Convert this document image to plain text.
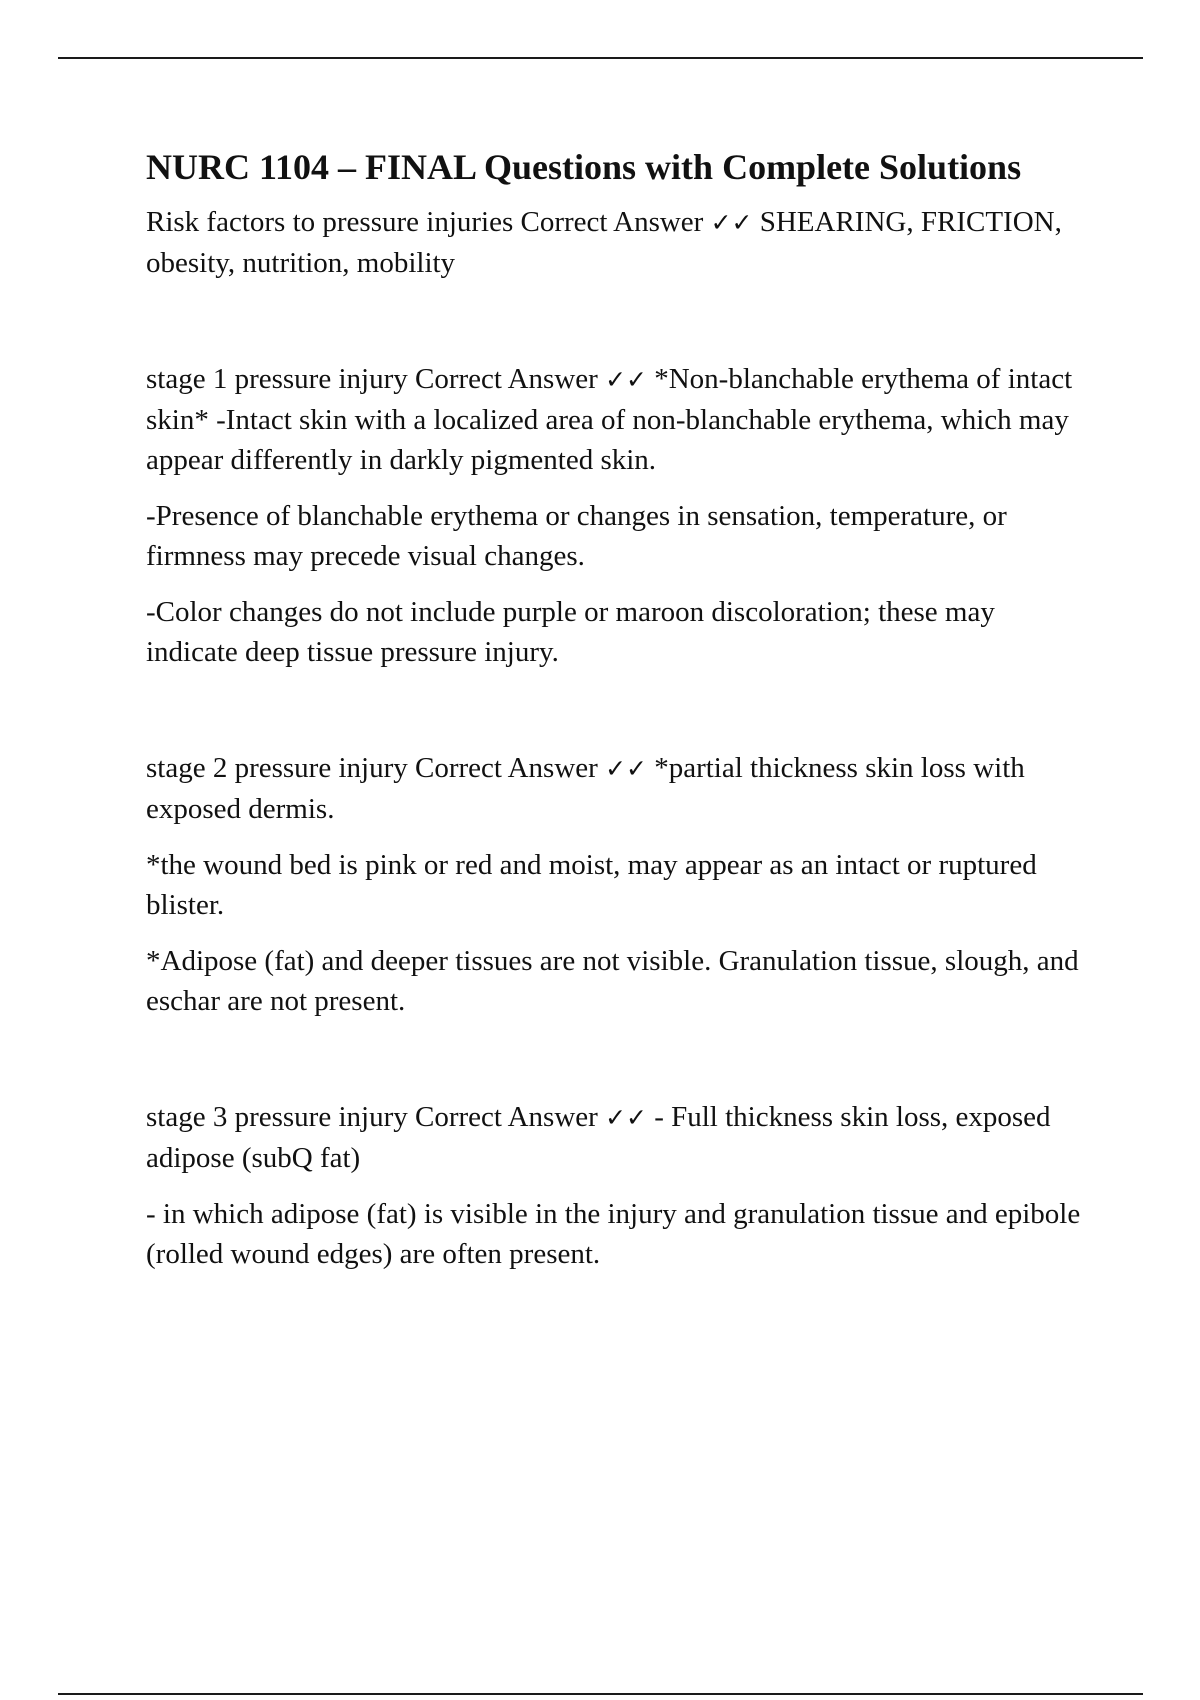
NURC 1104 – FINAL Questions with Complete Solutions

Risk factors to pressure injuries Correct Answer ✓✓ SHEARING, FRICTION, obesity, nutrition, mobility

stage 1 pressure injury Correct Answer ✓✓ *Non-blanchable erythema of intact skin* -Intact skin with a localized area of non-blanchable erythema, which may appear differently in darkly pigmented skin.

-Presence of blanchable erythema or changes in sensation, temperature, or firmness may precede visual changes.

-Color changes do not include purple or maroon discoloration; these may indicate deep tissue pressure injury.

stage 2 pressure injury Correct Answer ✓✓ *partial thickness skin loss with exposed dermis.

*the wound bed is pink or red and moist, may appear as an intact or ruptured blister.

*Adipose (fat) and deeper tissues are not visible. Granulation tissue, slough, and eschar are not present.

stage 3 pressure injury Correct Answer ✓✓ - Full thickness skin loss, exposed adipose (subQ fat)

- in which adipose (fat) is visible in the injury and granulation tissue and epibole (rolled wound edges) are often present.
